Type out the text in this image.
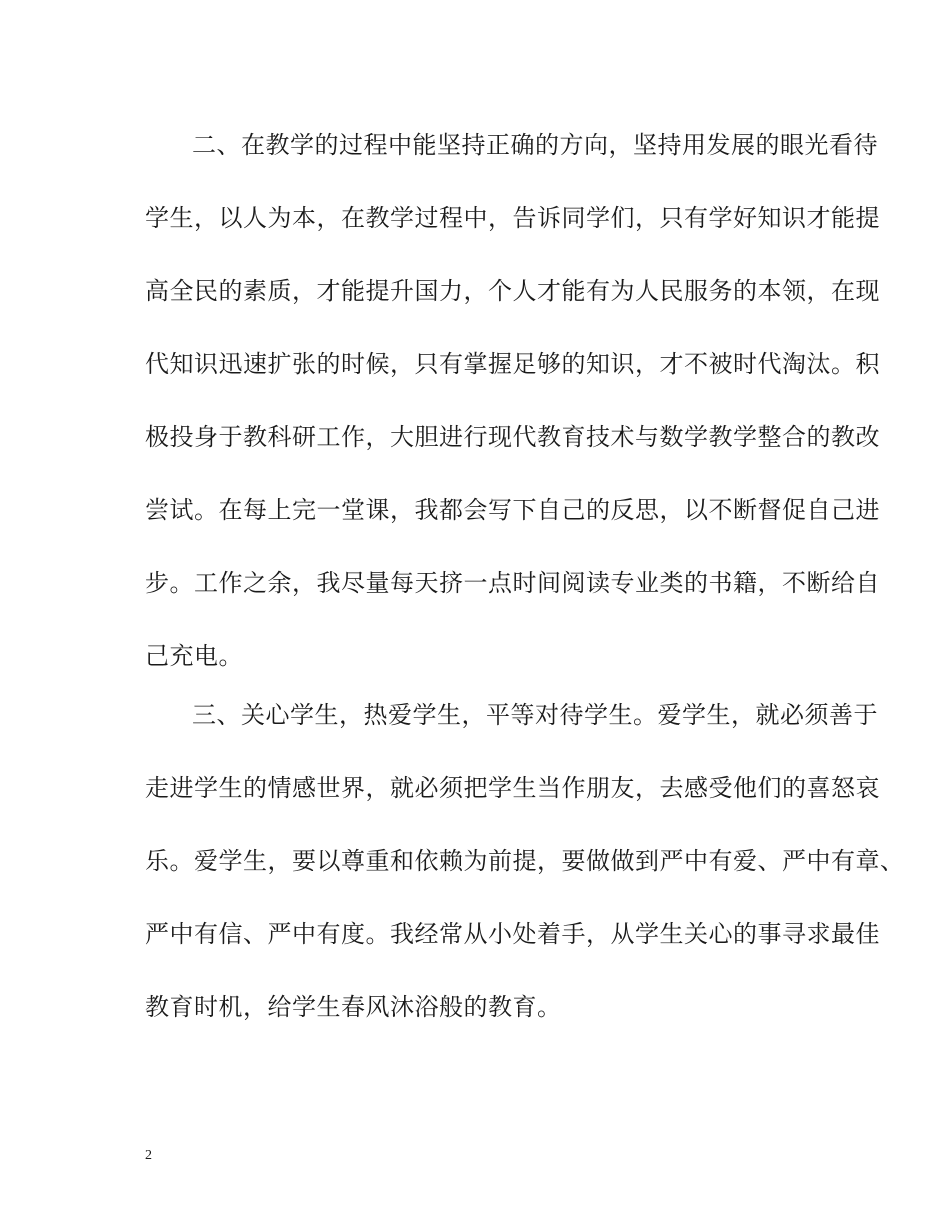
二、在教学的过程中能坚持正确的方向，坚持用发展的眼光看待
学生，以人为本，在教学过程中，告诉同学们，只有学好知识才能提
高全民的素质，才能提升国力，个人才能有为人民服务的本领，在现
代知识迅速扩张的时候，只有掌握足够的知识，才不被时代淘汰。积
极投身于教科研工作，大胆进行现代教育技术与数学教学整合的教改
尝试。在每上完一堂课，我都会写下自己的反思，以不断督促自己进
步。工作之余，我尽量每天挤一点时间阅读专业类的书籍，不断给自
己充电。
三、关心学生，热爱学生，平等对待学生。爱学生，就必须善于
走进学生的情感世界，就必须把学生当作朋友，去感受他们的喜怒哀
乐。爱学生，要以尊重和依赖为前提，要做做到严中有爱、严中有章、
严中有信、严中有度。我经常从小处着手，从学生关心的事寻求最佳
教育时机，给学生春风沐浴般的教育。
2
